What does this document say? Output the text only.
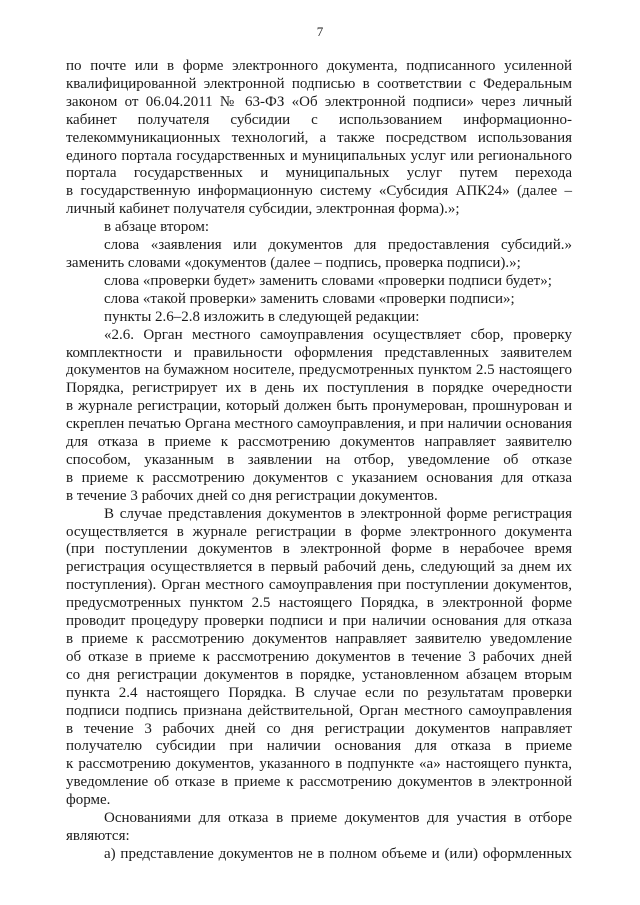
7

по почте или в форме электронного документа, подписанного усиленной

квалифицированной электронной подписью в соответствии с Федеральным

законом от 06.04.2011 № 63-ФЗ «Об электронной подписи» через личный

кабинет получателя субсидии с использованием информационно-

телекоммуникационных технологий, а также посредством использования

единого портала государственных и муниципальных услуг или регионального

портала государственных и муниципальных услуг путем перехода

в государственную информационную систему «Субсидия АПК24» (далее –

личный кабинет получателя субсидии, электронная форма).»;

в абзаце втором:

слова «заявления или документов для предоставления субсидий.»

заменить словами «документов (далее – подпись, проверка подписи).»;

слова «проверки будет» заменить словами «проверки подписи будет»;

слова «такой проверки» заменить словами «проверки подписи»;

пункты 2.6–2.8 изложить в следующей редакции:

«2.6. Орган местного самоуправления осуществляет сбор, проверку

комплектности и правильности оформления представленных заявителем

документов на бумажном носителе, предусмотренных пунктом 2.5 настоящего

Порядка, регистрирует их в день их поступления в порядке очередности

в журнале регистрации, который должен быть пронумерован, прошнурован и

скреплен печатью Органа местного самоуправления, и при наличии основания

для отказа в приеме к рассмотрению документов направляет заявителю

способом, указанным в заявлении на отбор, уведомление об отказе

в приеме к рассмотрению документов с указанием основания для отказа

в течение 3 рабочих дней со дня регистрации документов.

В случае представления документов в электронной форме регистрация

осуществляется в журнале регистрации в форме электронного документа

(при поступлении документов в электронной форме в нерабочее время

регистрация осуществляется в первый рабочий день, следующий за днем их

поступления). Орган местного самоуправления при поступлении документов,

предусмотренных пунктом 2.5 настоящего Порядка, в электронной форме

проводит процедуру проверки подписи и при наличии основания для отказа

в приеме к рассмотрению документов направляет заявителю уведомление

об отказе в приеме к рассмотрению документов в течение 3 рабочих дней

со дня регистрации документов в порядке, установленном абзацем вторым

пункта 2.4 настоящего Порядка. В случае если по результатам проверки

подписи подпись признана действительной, Орган местного самоуправления

в течение 3 рабочих дней со дня регистрации документов направляет

получателю субсидии при наличии основания для отказа в приеме

к рассмотрению документов, указанного в подпункте «а» настоящего пункта,

уведомление об отказе в приеме к рассмотрению документов в электронной

форме.

Основаниями для отказа в приеме документов для участия в отборе

являются:

а) представление документов не в полном объеме и (или) оформленных
